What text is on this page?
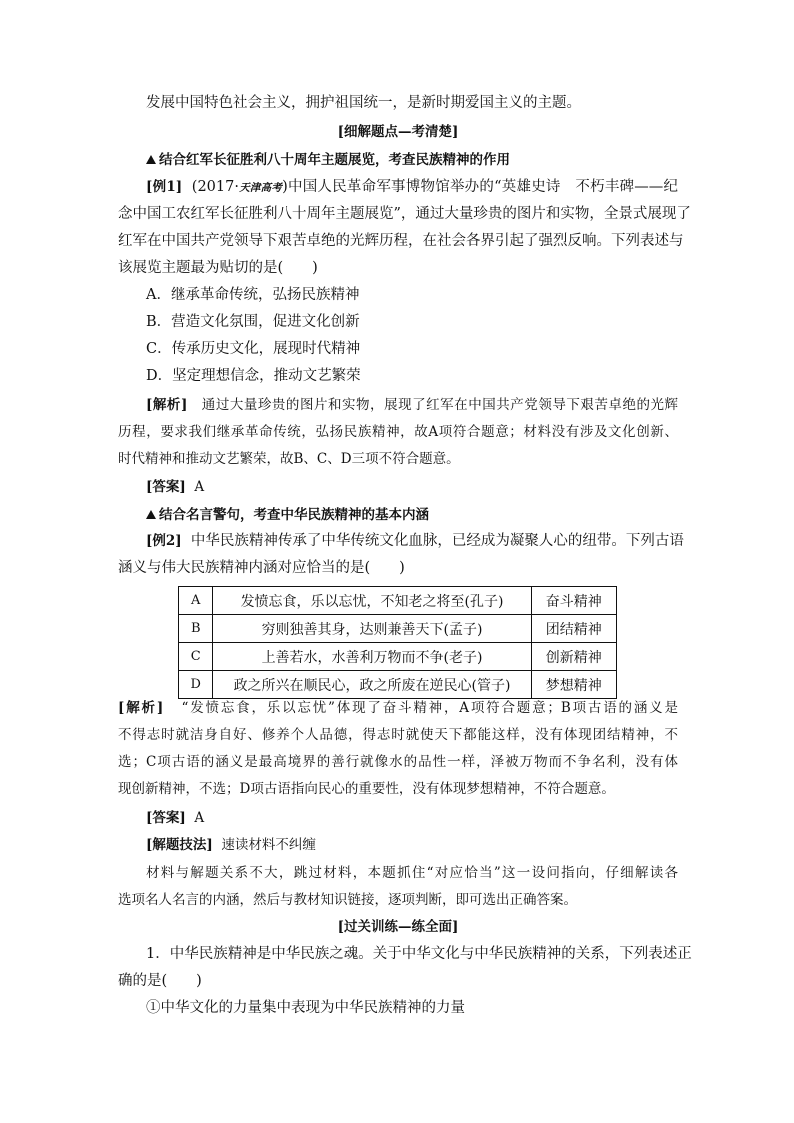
发展中国特色社会主义，拥护祖国统一，是新时期爱国主义的主题。
[细解题点—考清楚]
结合红军长征胜利八十周年主题展览，考查民族精神的作用
[例1] (2017·天津高考)中国人民革命军事博物馆举办的“英雄史诗　不朽丰碑——纪
念中国工农红军长征胜利八十周年主题展览”，通过大量珍贵的图片和实物，全景式展现了
红军在中国共产党领导下艰苦卓绝的光辉历程，在社会各界引起了强烈反响。下列表述与
该展览主题最为贴切的是(　　)
A．继承革命传统，弘扬民族精神
B．营造文化氛围，促进文化创新
C．传承历史文化，展现时代精神
D．坚定理想信念，推动文艺繁荣
[解析] 通过大量珍贵的图片和实物，展现了红军在中国共产党领导下艰苦卓绝的光辉
历程，要求我们继承革命传统，弘扬民族精神，故A项符合题意；材料没有涉及文化创新、
时代精神和推动文艺繁荣，故B、C、D三项不符合题意。
[答案] A
结合名言警句，考查中华民族精神的基本内涵
[例2] 中华民族精神传承了中华传统文化血脉，已经成为凝聚人心的纽带。下列古语
涵义与伟大民族精神内涵对应恰当的是(　　)
A	发愤忘食，乐以忘忧，不知老之将至(孔子)	奋斗精神
B	穷则独善其身，达则兼善天下(孟子)	团结精神
C	上善若水，水善利万物而不争(老子)	创新精神
D	政之所兴在顺民心，政之所废在逆民心(管子)	梦想精神
[解析] “发愤忘食，乐以忘忧”体现了奋斗精神，A项符合题意；B项古语的涵义是
不得志时就洁身自好、修养个人品德，得志时就使天下都能这样，没有体现团结精神，不
选；C项古语的涵义是最高境界的善行就像水的品性一样，泽被万物而不争名利，没有体
现创新精神，不选；D项古语指向民心的重要性，没有体现梦想精神，不符合题意。
[答案] A
[解题技法] 速读材料不纠缠
材料与解题关系不大，跳过材料，本题抓住“对应恰当”这一设问指向，仔细解读各
选项名人名言的内涵，然后与教材知识链接，逐项判断，即可选出正确答案。
[过关训练—练全面]
1．中华民族精神是中华民族之魂。关于中华文化与中华民族精神的关系，下列表述正
确的是(　　)
①中华文化的力量集中表现为中华民族精神的力量
